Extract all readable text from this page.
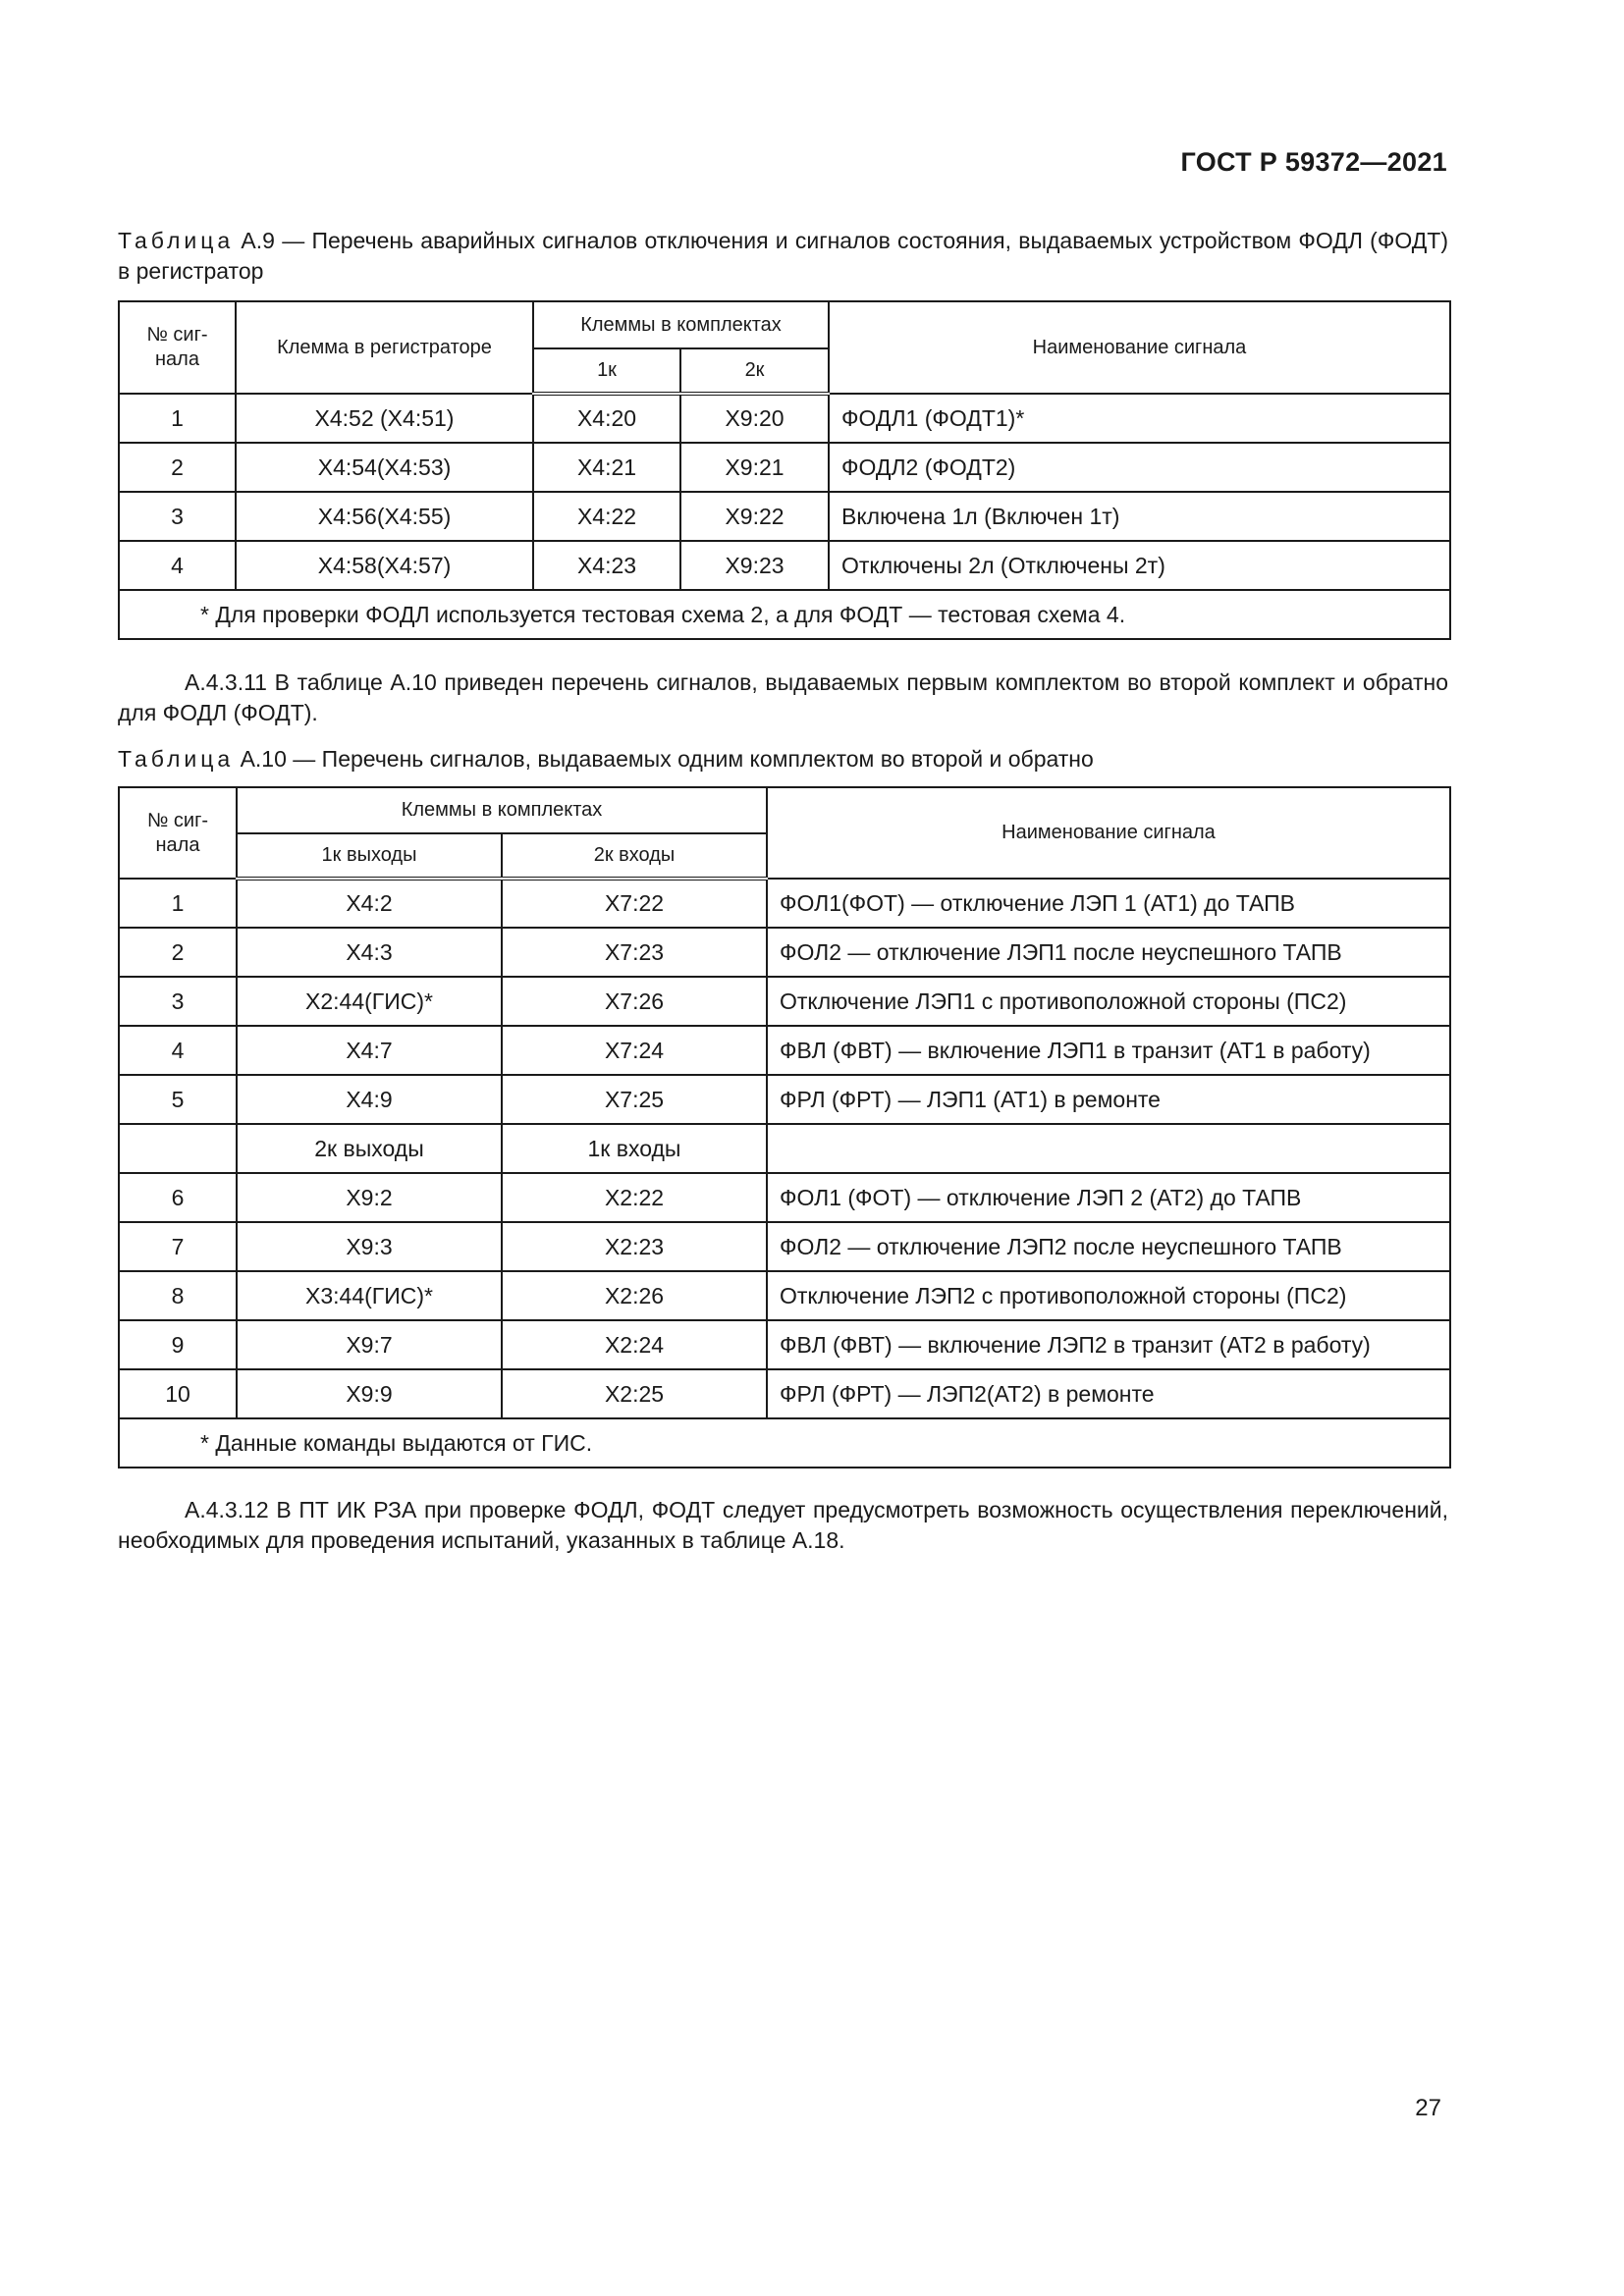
ГОСТ Р 59372—2021
Таблица А.9 — Перечень аварийных сигналов отключения и сигналов состояния, выдаваемых устройством ФОДЛ (ФОДТ) в регистратор
№ сиг-нала	Клемма в регистраторе	Клеммы в комплектах		Наименование сигнала
		1к	2к	
1	X4:52 (X4:51)	X4:20	X9:20	ФОДЛ1 (ФОДТ1)*
2	X4:54(X4:53)	X4:21	X9:21	ФОДЛ2 (ФОДТ2)
3	X4:56(X4:55)	X4:22	X9:22	Включена 1л (Включен 1т)
4	X4:58(X4:57)	X4:23	X9:23	Отключены 2л (Отключены 2т)
* Для проверки ФОДЛ используется тестовая схема 2, а для ФОДТ — тестовая схема 4.				
А.4.3.11 В таблице А.10 приведен перечень сигналов, выдаваемых первым комплектом во второй комплект и обратно для ФОДЛ (ФОДТ).
Таблица А.10 — Перечень сигналов, выдаваемых одним комплектом во второй и обратно
№ сиг-нала	Клеммы в комплектах		Наименование сигнала
	1к выходы	2к входы	
1	X4:2	X7:22	ФОЛ1(ФОТ) — отключение ЛЭП 1 (АТ1) до ТАПВ
2	X4:3	X7:23	ФОЛ2 — отключение ЛЭП1 после неуспешного ТАПВ
3	X2:44(ГИС)*	X7:26	Отключение ЛЭП1 с противоположной стороны (ПС2)
4	X4:7	X7:24	ФВЛ (ФВТ) — включение ЛЭП1 в транзит (АТ1 в работу)
5	X4:9	X7:25	ФРЛ (ФРТ) — ЛЭП1 (АТ1) в ремонте
	2к выходы	1к входы	
6	X9:2	X2:22	ФОЛ1 (ФОТ) — отключение ЛЭП 2 (АТ2) до ТАПВ
7	X9:3	X2:23	ФОЛ2 — отключение ЛЭП2 после неуспешного ТАПВ
8	X3:44(ГИС)*	X2:26	Отключение ЛЭП2 с противоположной стороны (ПС2)
9	X9:7	X2:24	ФВЛ (ФВТ) — включение ЛЭП2 в транзит (АТ2 в работу)
10	X9:9	X2:25	ФРЛ (ФРТ) — ЛЭП2(АТ2) в ремонте
* Данные команды выдаются от ГИС.			
А.4.3.12 В ПТ ИК РЗА при проверке ФОДЛ, ФОДТ следует предусмотреть возможность осуществления переключений, необходимых для проведения испытаний, указанных в таблице А.18.
27
